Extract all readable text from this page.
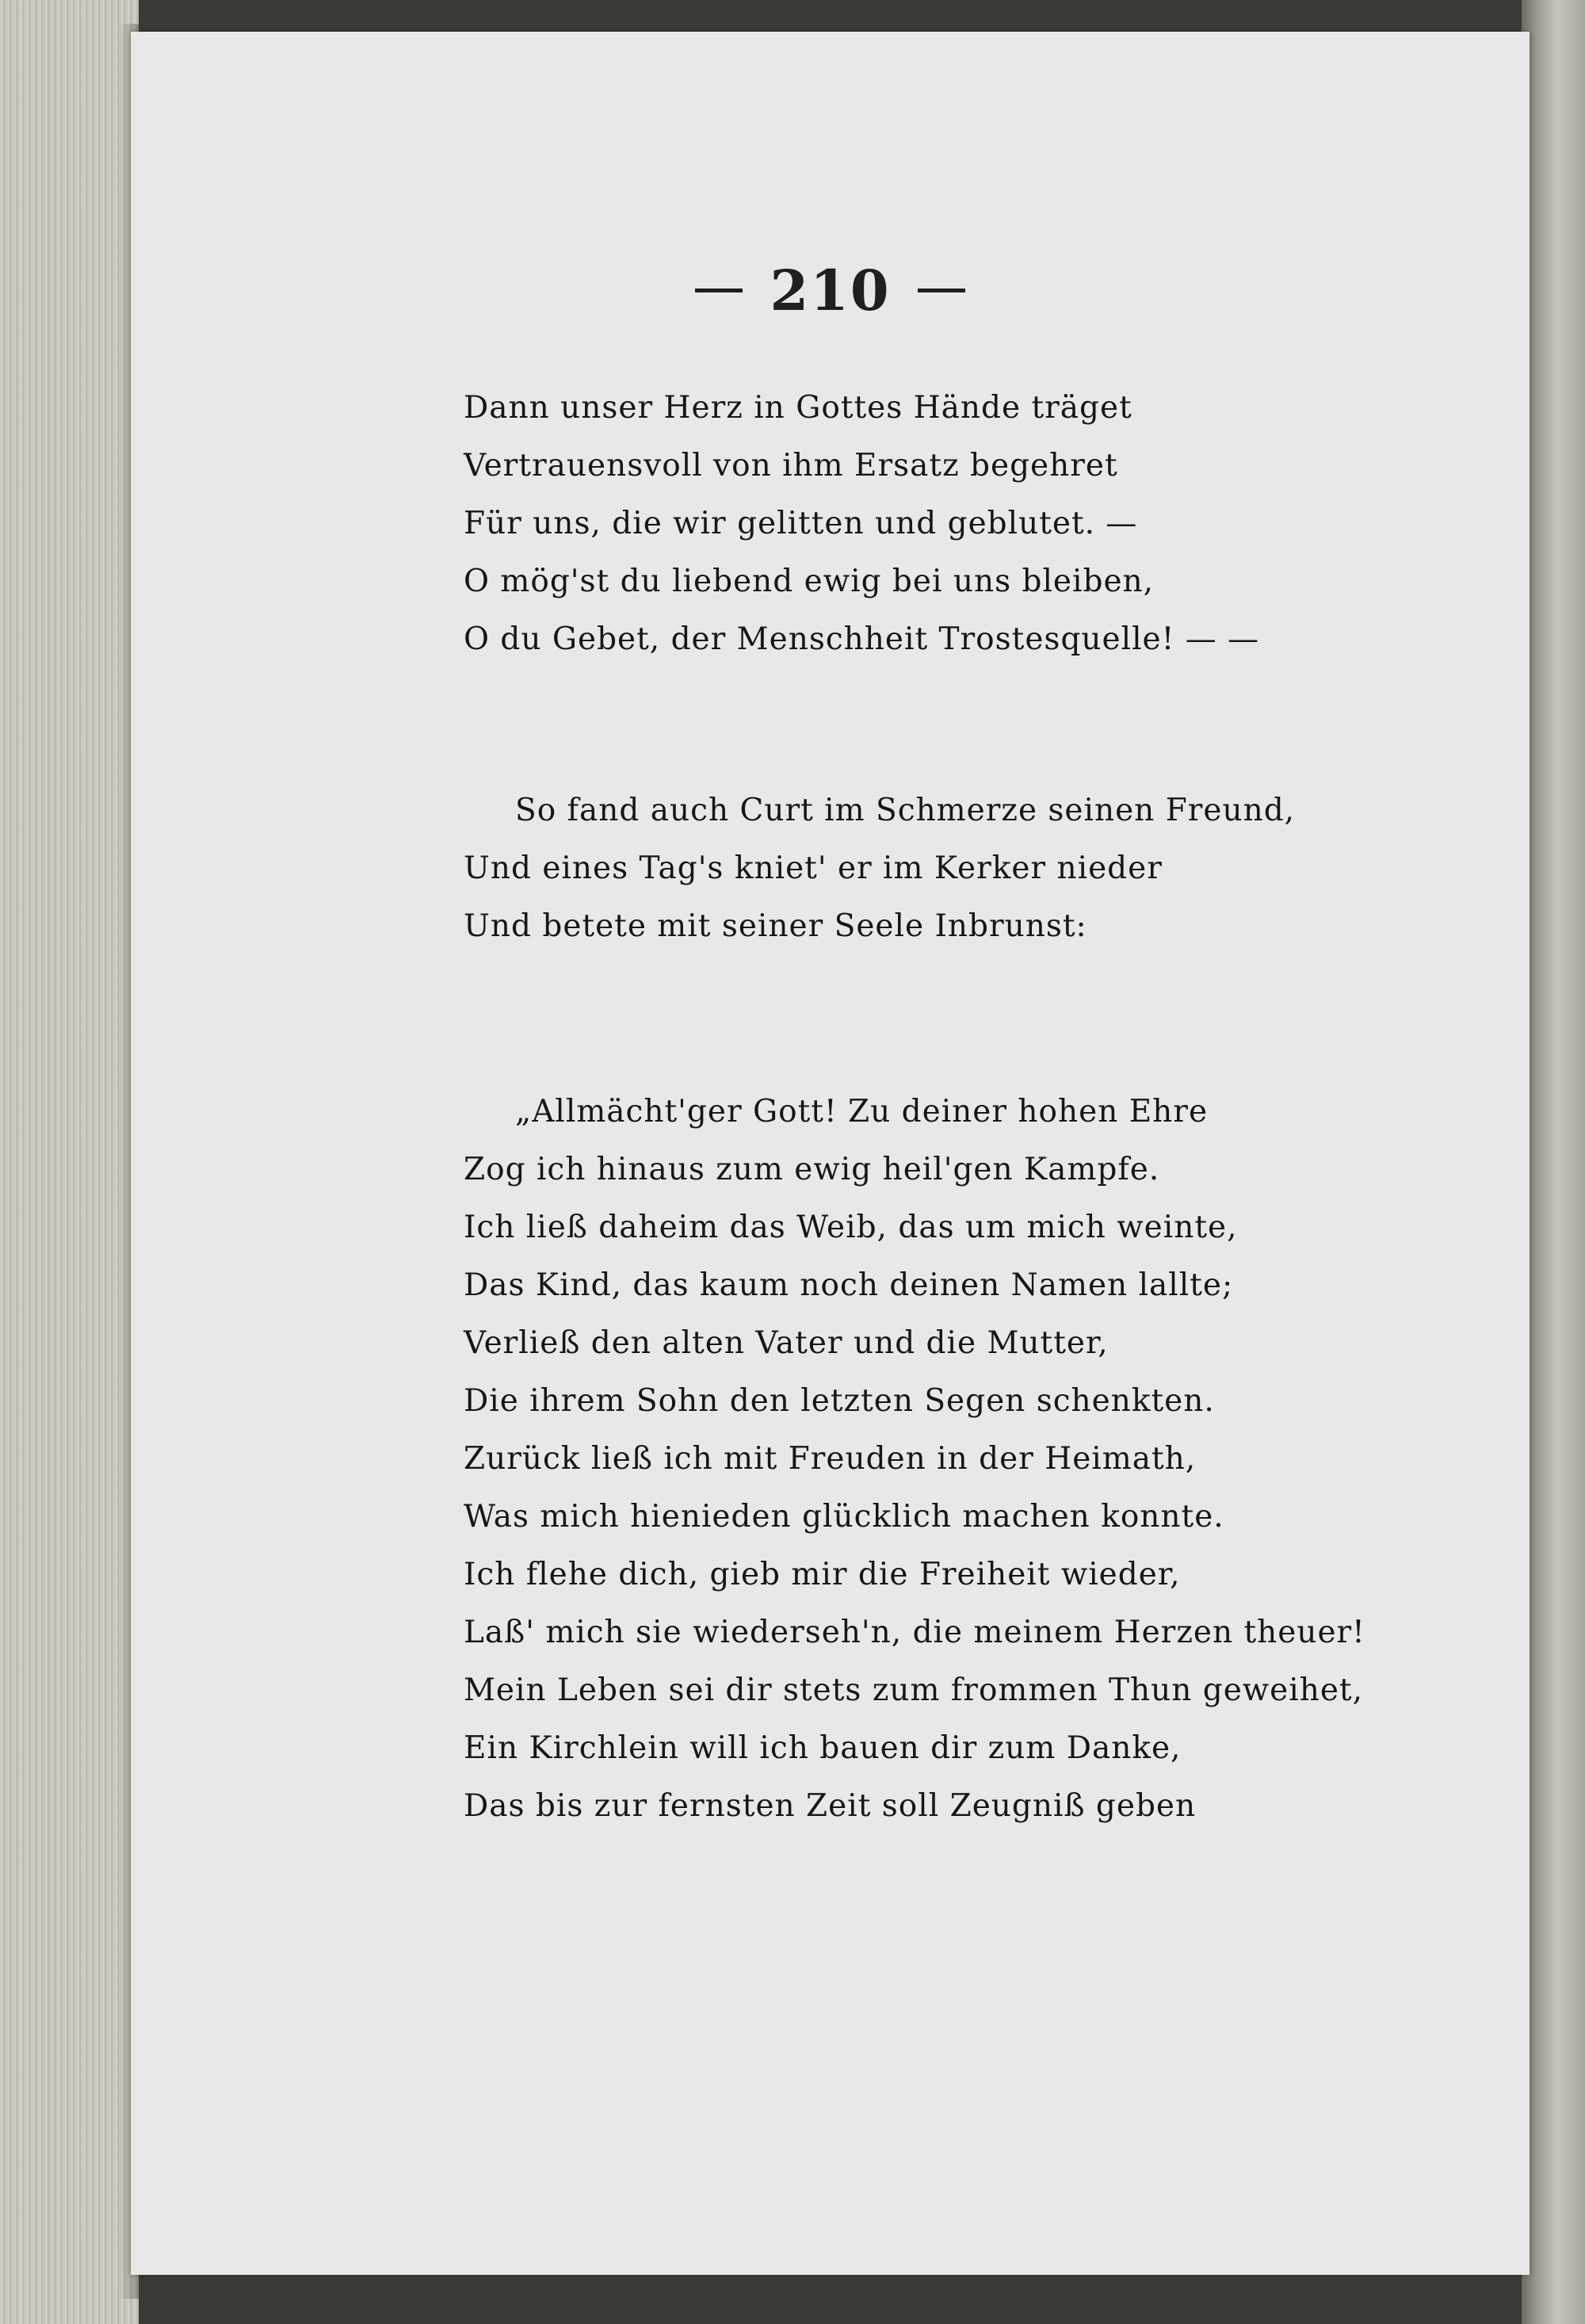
210
Dann unser Herz in Gottes Hände träget
Vertrauensvoll von ihm Ersatz begehret
Für uns, die wir gelitten und geblutet. —
O mög'st du liebend ewig bei uns bleiben,
O du Gebet, der Menschheit Trostesquelle! — —
So fand auch Curt im Schmerze seinen Freund,
Und eines Tag's kniet' er im Kerker nieder
Und betete mit seiner Seele Inbrunst:
„Allmächt'ger Gott! Zu deiner hohen Ehre
Zog ich hinaus zum ewig heil'gen Kampfe.
Ich ließ daheim das Weib, das um mich weinte,
Das Kind, das kaum noch deinen Namen lallte;
Verließ den alten Vater und die Mutter,
Die ihrem Sohn den letzten Segen schenkten.
Zurück ließ ich mit Freuden in der Heimath,
Was mich hienieden glücklich machen konnte.
Ich flehe dich, gieb mir die Freiheit wieder,
Laß' mich sie wiederseh'n, die meinem Herzen theuer!
Mein Leben sei dir stets zum frommen Thun geweihet,
Ein Kirchlein will ich bauen dir zum Danke,
Das bis zur fernsten Zeit soll Zeugniß geben
